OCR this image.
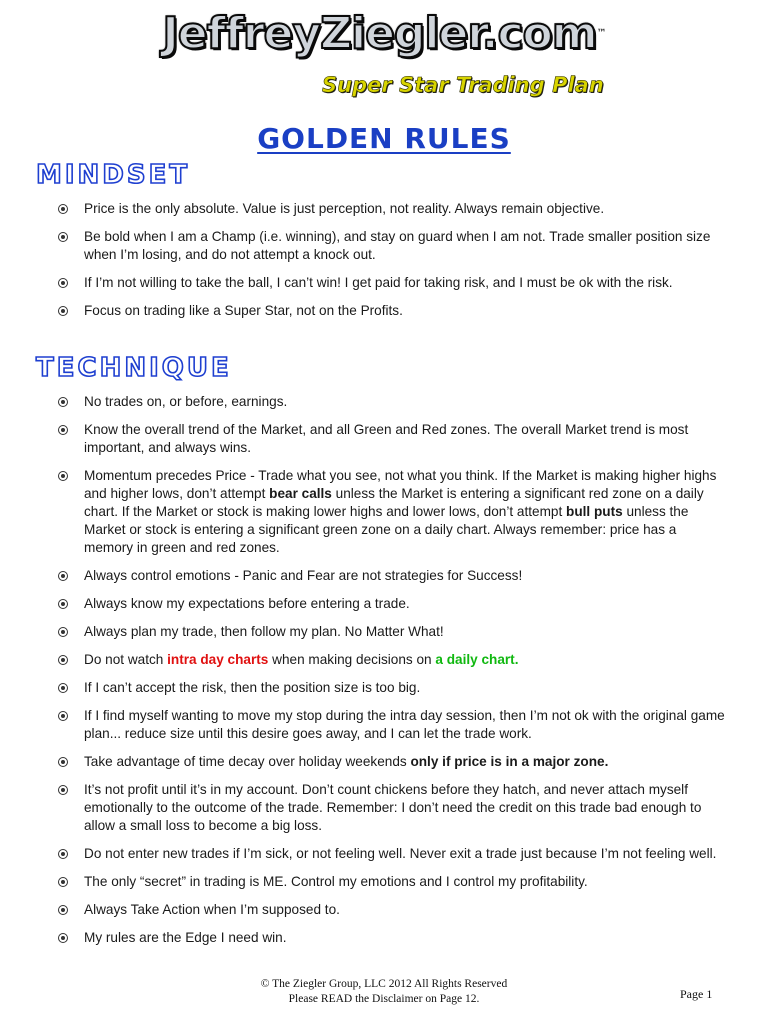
JeffreyZiegler.com™
Super Star Trading Plan
GOLDEN RULES
MINDSET
Price is the only absolute. Value is just perception, not reality. Always remain objective.
Be bold when I am a Champ (i.e. winning), and stay on guard when I am not. Trade smaller position size when I’m losing, and do not attempt a knock out.
If I’m not willing to take the ball, I can’t win! I get paid for taking risk, and I must be ok with the risk.
Focus on trading like a Super Star, not on the Profits.
TECHNIQUE
No trades on, or before, earnings.
Know the overall trend of the Market, and all Green and Red zones. The overall Market trend is most important, and always wins.
Momentum precedes Price - Trade what you see, not what you think. If the Market is making higher highs and higher lows, don’t attempt bear calls unless the Market is entering a significant red zone on a daily chart. If the Market or stock is making lower highs and lower lows, don’t attempt bull puts unless the Market or stock is entering a significant green zone on a daily chart. Always remember: price has a memory in green and red zones.
Always control emotions - Panic and Fear are not strategies for Success!
Always know my expectations before entering a trade.
Always plan my trade, then follow my plan. No Matter What!
Do not watch intra day charts when making decisions on a daily chart.
If I can’t accept the risk, then the position size is too big.
If I find myself wanting to move my stop during the intra day session, then I’m not ok with the original game plan... reduce size until this desire goes away, and I can let the trade work.
Take advantage of time decay over holiday weekends only if price is in a major zone.
It’s not profit until it’s in my account. Don’t count chickens before they hatch, and never attach myself emotionally to the outcome of the trade. Remember: I don’t need the credit on this trade bad enough to allow a small loss to become a big loss.
Do not enter new trades if I’m sick, or not feeling well. Never exit a trade just because I’m not feeling well.
The only “secret” in trading is ME. Control my emotions and I control my profitability.
Always Take Action when I’m supposed to.
My rules are the Edge I need win.
© The Ziegler Group, LLC 2012 All Rights Reserved
Please READ the Disclaimer on Page 12.	Page 1
